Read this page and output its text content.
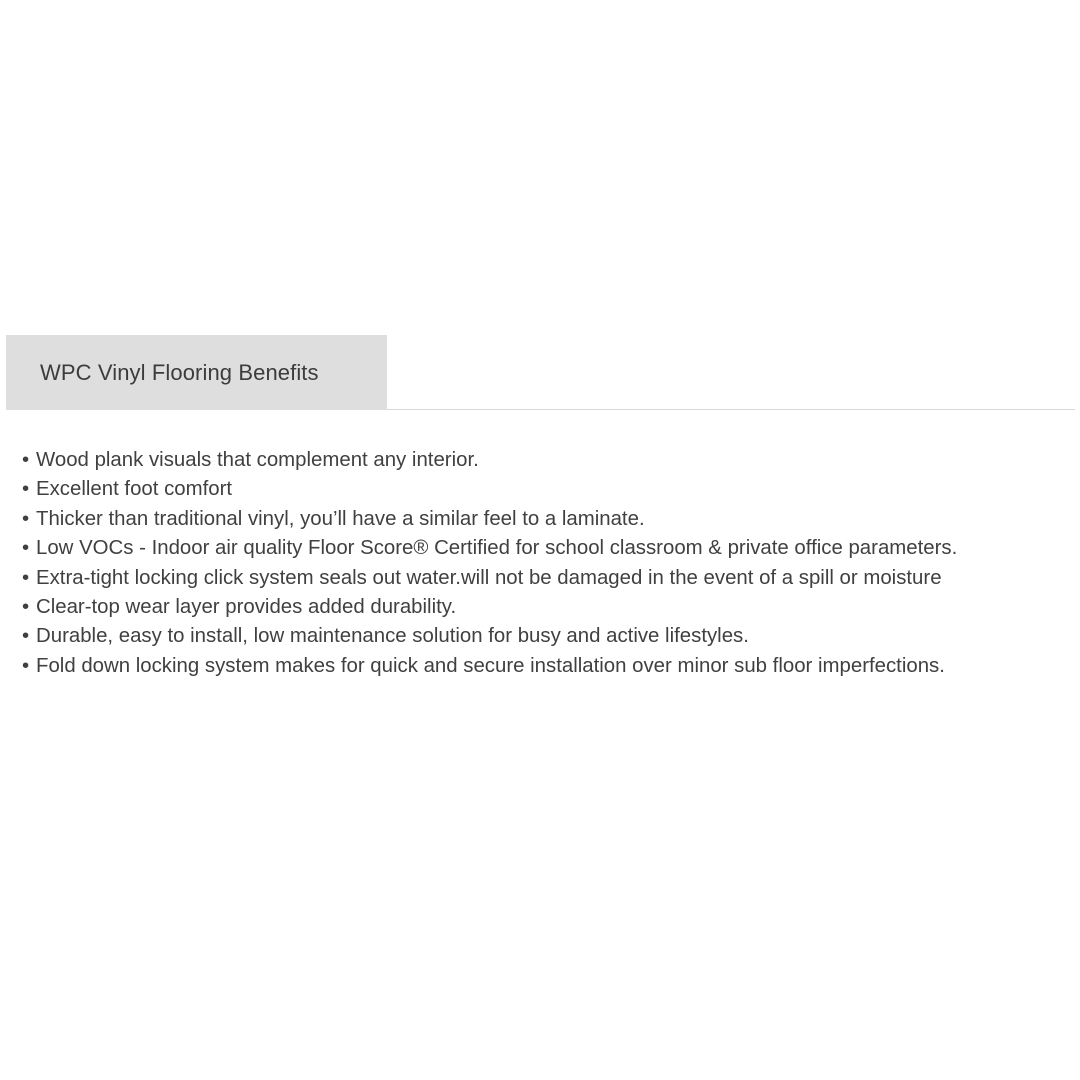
WPC Vinyl Flooring Benefits
• Wood plank visuals that complement any interior.
• Excellent foot comfort
• Thicker than traditional vinyl, you’ll have a similar feel to a laminate.
• Low VOCs - Indoor air quality Floor Score® Certified for school classroom & private office parameters.
• Extra-tight locking click system seals out water.will not be damaged in the event of a spill or moisture
• Clear-top wear layer provides added durability.
• Durable, easy to install, low maintenance solution for busy and active lifestyles.
• Fold down locking system makes for quick and secure installation over minor sub floor imperfections.
